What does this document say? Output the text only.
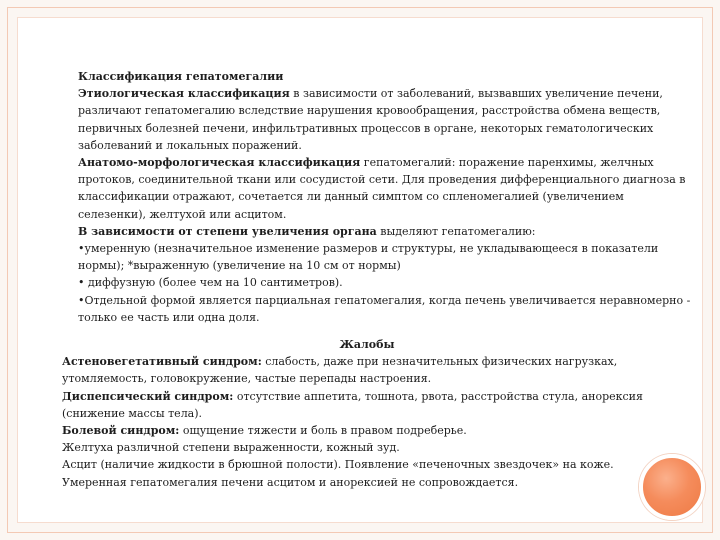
Классификация гепатомегалии
Этиологическая классификация в зависимости от заболеваний, вызвавших увеличение печени, различают гепатомегалию вследствие нарушения кровообращения, расстройства обмена веществ, первичных болезней печени, инфильтративных процессов в органе, некоторых гематологических заболеваний и локальных поражений.
Анатомо-морфологическая классификация гепатомегалий: поражение паренхимы, желчных протоков, соединительной ткани или сосудистой сети. Для проведения дифференциального диагноза в классификации отражают, сочетается ли данный симптом со спленомегалией (увеличением селезенки), желтухой или асцитом.
В зависимости от степени увеличения органа выделяют гепатомегалию:
•умеренную (незначительное изменение размеров и структуры, не укладывающееся в показатели нормы); *выраженную (увеличение на 10 см от нормы)
• диффузную (более чем на 10 сантиметров).
•Отдельной формой является парциальная гепатомегалия, когда печень увеличивается неравномерно - только ее часть или одна доля.
Жалобы
Астеновегетативный синдром: слабость, даже при незначительных физических нагрузках, утомляемость, головокружение, частые перепады настроения.
Диспепсический синдром: отсутствие аппетита, тошнота, рвота, расстройства стула, анорексия (снижение массы тела).
Болевой синдром: ощущение тяжести и боль в правом подреберье.
Желтуха различной степени выраженности, кожный зуд.
Асцит (наличие жидкости в брюшной полости). Появление «печеночных звездочек» на коже.
Умеренная гепатомегалия печени асцитом и анорексией не сопровождается.
